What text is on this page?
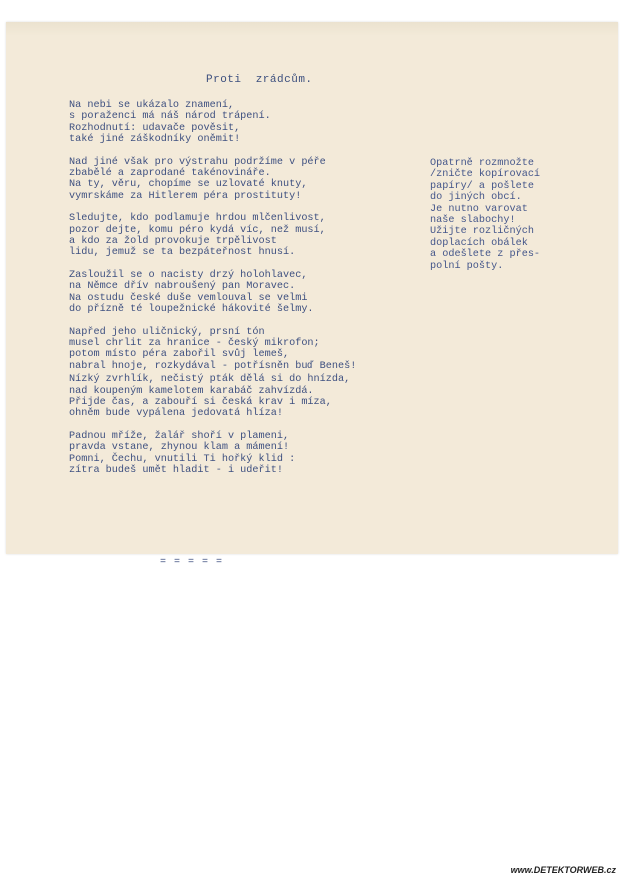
Proti  zrádcům.
Na nebi se ukázalo znamení,
s poraženci má náš národ trápení.
Rozhodnutí: udavače pověsit,
také jiné záškodníky oněmit!
Nad jiné však pro výstrahu podržíme v péře
zbabělé a zaprodané takénovináře.
Na ty, věru, chopíme se uzlovaté knuty,
vymrskáme za Hitlerem péra prostituty!
Sledujte, kdo podlamuje hrdou mlčenlivost,
pozor dejte, komu péro kydá víc, než musí,
a kdo za žold provokuje trpělivost
lidu, jemuž se ta bezpáteřnost hnusí.
Zasloužil se o nacisty drzý holohlavec,
na Němce dřív nabroušený pan Moravec.
Na ostudu české duše vemlouval se velmi
do přízně té loupežnické hákovité šelmy.
Napřed jeho uličnický, prsní tón
musel chrlit za hranice - český mikrofon;
potom místo péra zabořil svůj lemeš,
nabral hnoje, rozkydával - potřísněn buď Beneš!
Nízký zvrhlík, nečistý pták dělá si do hnízda,
nad koupeným kamelotem karabáč zahvízdá.
Přijde čas, a zabouří si česká krav i míza,
ohněm bude vypálena jedovatá hlíza!
Padnou mříže, žalář shoří v plameni,
pravda vstane, zhynou klam a mámení!
Pomni, Čechu, vnutili Ti hořký klid :
zítra budeš umět hladit - i udeřit!
Opatrně rozmnožte
/zničte kopírovací
papíry/ a pošlete
do jiných obcí.
Je nutno varovat
naše slabochy!
Užijte rozličných
doplacích obálek
a odešlete z přes-
polní pošty.
= = = = =
www.DETEKTORWEB.cz
